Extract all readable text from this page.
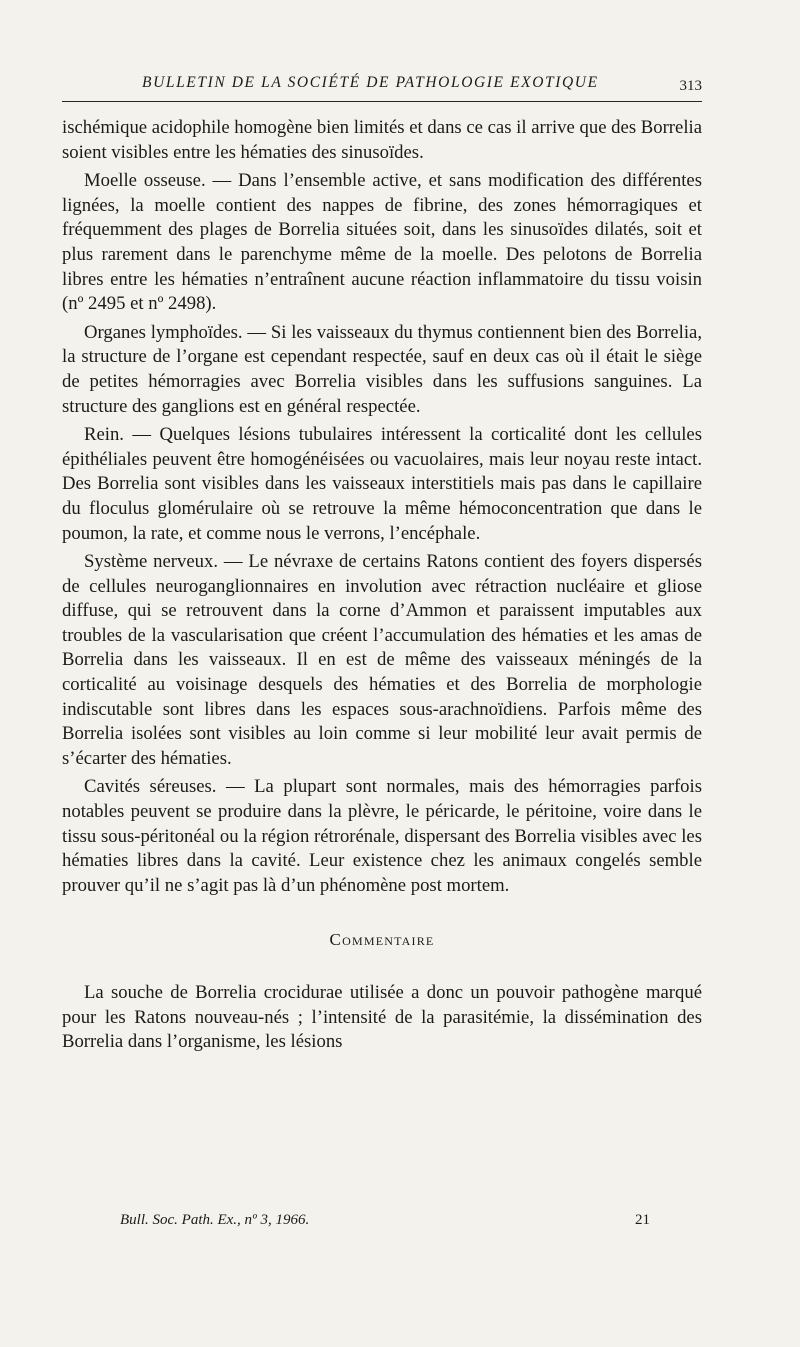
BULLETIN DE LA SOCIÉTÉ DE PATHOLOGIE EXOTIQUE	313

ischémique acidophile homogène bien limités et dans ce cas il arrive que des Borrelia soient visibles entre les hématies des sinusoïdes.

Moelle osseuse. — Dans l’ensemble active, et sans modification des différentes lignées, la moelle contient des nappes de fibrine, des zones hémorragiques et fréquemment des plages de Borrelia situées soit, dans les sinusoïdes dilatés, soit et plus rarement dans le parenchyme même de la moelle. Des pelotons de Borrelia libres entre les hématies n’entraînent aucune réaction inflammatoire du tissu voisin (nº 2495 et nº 2498).

Organes lymphoïdes. — Si les vaisseaux du thymus contiennent bien des Borrelia, la structure de l’organe est cependant respectée, sauf en deux cas où il était le siège de petites hémorragies avec Borrelia visibles dans les suffusions sanguines. La structure des ganglions est en général respectée.

Rein. — Quelques lésions tubulaires intéressent la corticalité dont les cellules épithéliales peuvent être homogénéisées ou vacuolaires, mais leur noyau reste intact. Des Borrelia sont visibles dans les vaisseaux interstitiels mais pas dans le capillaire du floculus glomérulaire où se retrouve la même hémoconcentration que dans le poumon, la rate, et comme nous le verrons, l’encéphale.

Système nerveux. — Le névraxe de certains Ratons contient des foyers dispersés de cellules neuroganglionnaires en involution avec rétraction nucléaire et gliose diffuse, qui se retrouvent dans la corne d’Ammon et paraissent imputables aux troubles de la vascularisation que créent l’accumulation des hématies et les amas de Borrelia dans les vaisseaux. Il en est de même des vaisseaux méningés de la corticalité au voisinage desquels des hématies et des Borrelia de morphologie indiscutable sont libres dans les espaces sous-arachnoïdiens. Parfois même des Borrelia isolées sont visibles au loin comme si leur mobilité leur avait permis de s’écarter des hématies.

Cavités séreuses. — La plupart sont normales, mais des hémorragies parfois notables peuvent se produire dans la plèvre, le péricarde, le péritoine, voire dans le tissu sous-péritonéal ou la région rétrorénale, dispersant des Borrelia visibles avec les hématies libres dans la cavité. Leur existence chez les animaux congelés semble prouver qu’il ne s’agit pas là d’un phénomène post mortem.

Commentaire

La souche de Borrelia crocidurae utilisée a donc un pouvoir pathogène marqué pour les Ratons nouveau-nés ; l’intensité de la parasitémie, la dissémination des Borrelia dans l’organisme, les lésions

Bull. Soc. Path. Ex., nº 3, 1966.	21
